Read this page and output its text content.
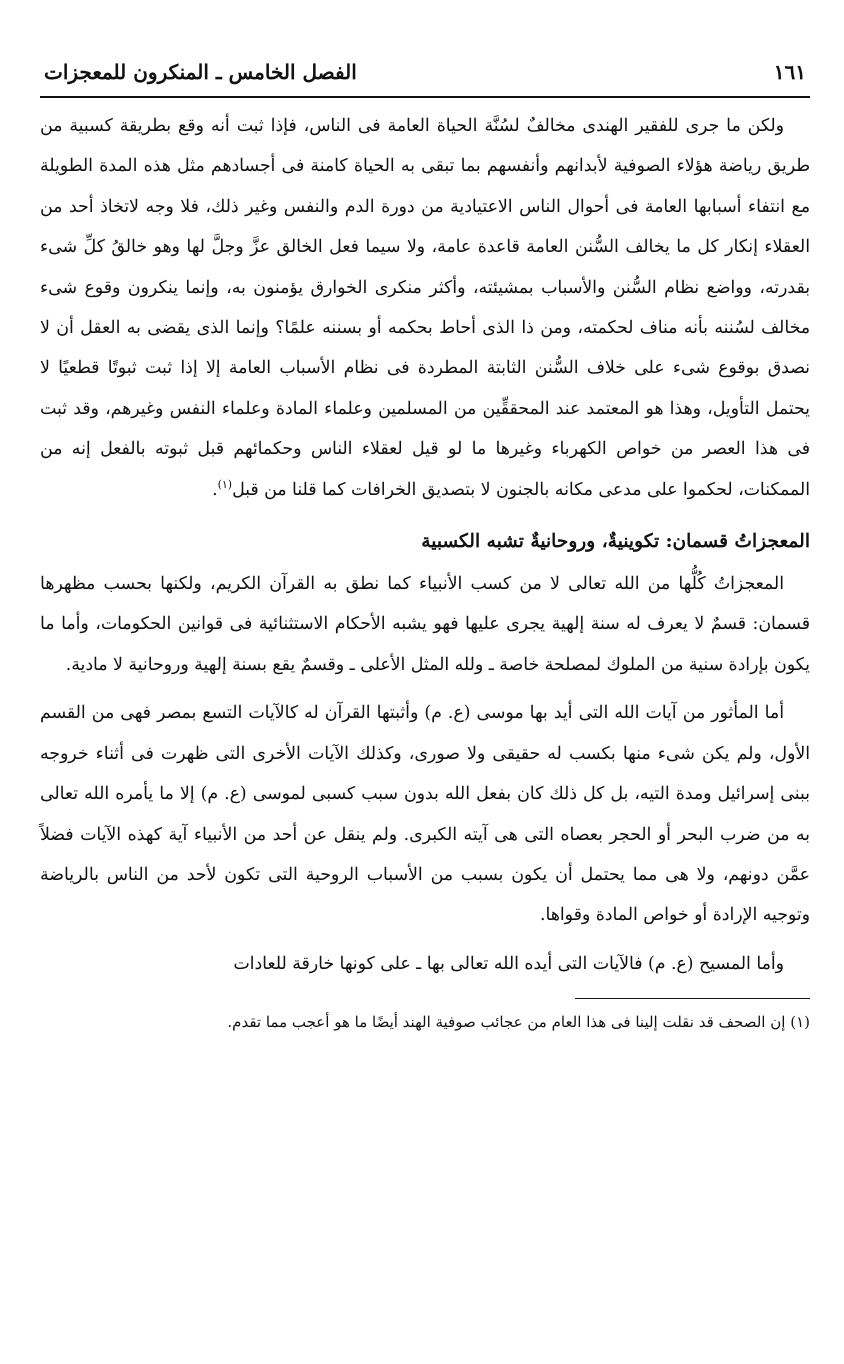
١٦١
الفصل الخامس ـ المنكرون للمعجزات

ولكن ما جرى للفقير الهندى مخالفٌ لسُنَّة الحياة العامة فى الناس، فإذا ثبت أنه وقع بطريقة كسبية من طريق رياضة هؤلاء الصوفية لأبدانهم وأنفسهم بما تبقى به الحياة كامنة فى أجسادهم مثل هذه المدة الطويلة مع انتفاء أسبابها العامة فى أحوال الناس الاعتيادية من دورة الدم والنفس وغير ذلك، فلا وجه لاتخاذ أحد من العقلاء إنكار كل ما يخالف السُّنن العامة قاعدة عامة، ولا سيما فعل الخالق عزَّ وجلَّ لها وهو خالقُ كلِّ شىء بقدرته، وواضع نظام السُّنن والأسباب بمشيئته، وأكثر منكرى الخوارق يؤمنون به، وإنما ينكرون وقوع شىء مخالف لسُننه بأنه مناف لحكمته، ومن ذا الذى أحاط بحكمه أو بسننه علمًا؟ وإنما الذى يقضى به العقل أن لا نصدق بوقوع شىء على خلاف السُّنن الثابتة المطردة فى نظام الأسباب العامة إلا إذا ثبت ثبوتًا قطعيًا لا يحتمل التأويل، وهذا هو المعتمد عند المحققِّين من المسلمين وعلماء المادة وعلماء النفس وغيرهم، وقد ثبت فى هذا العصر من خواص الكهرباء وغيرها ما لو قيل لعقلاء الناس وحكمائهم قبل ثبوته بالفعل إنه من الممكنات، لحكموا على مدعى مكانه بالجنون لا بتصديق الخرافات كما قلنا من قبل$^{(١)}$.

المعجزاتُ قسمان: تكوينيةٌ، وروحانيةٌ تشبه الكسبية

المعجزاتُ كُلُّها من الله تعالى لا من كسب الأنبياء كما نطق به القرآن الكريم، ولكنها بحسب مظهرها قسمان: قسمٌ لا يعرف له سنة إلهية يجرى عليها فهو يشبه الأحكام الاستثنائية فى قوانين الحكومات، وأما ما يكون بإرادة سنية من الملوك لمصلحة خاصة ـ ولله المثل الأعلى ـ وقسمٌ يقع بسنة إلهية وروحانية لا مادية.

أما المأثور من آيات الله التى أيد بها موسى (ع. م) وأثبتها القرآن له كالآيات التسع بمصر فهى من القسم الأول، ولم يكن شىء منها بكسب له حقيقى ولا صورى، وكذلك الآيات الأخرى التى ظهرت فى أثناء خروجه ببنى إسرائيل ومدة التيه، بل كل ذلك كان بفعل الله بدون سبب كسبى لموسى (ع. م) إلا ما يأمره الله تعالى به من ضرب البحر أو الحجر بعصاه التى هى آيته الكبرى. ولم ينقل عن أحد من الأنبياء آية كهذه الآيات فضلاً عمَّن دونهم، ولا هى مما يحتمل أن يكون بسبب من الأسباب الروحية التى تكون لأحد من الناس بالرياضة وتوجيه الإرادة أو خواص المادة وقواها.

وأما المسيح (ع. م) فالآيات التى أيده الله تعالى بها ـ على كونها خارقة للعادات

(١) إن الصحف قد نقلت إلينا فى هذا العام من عجائب صوفية الهند أيضًا ما هو أعجب مما تقدم.
